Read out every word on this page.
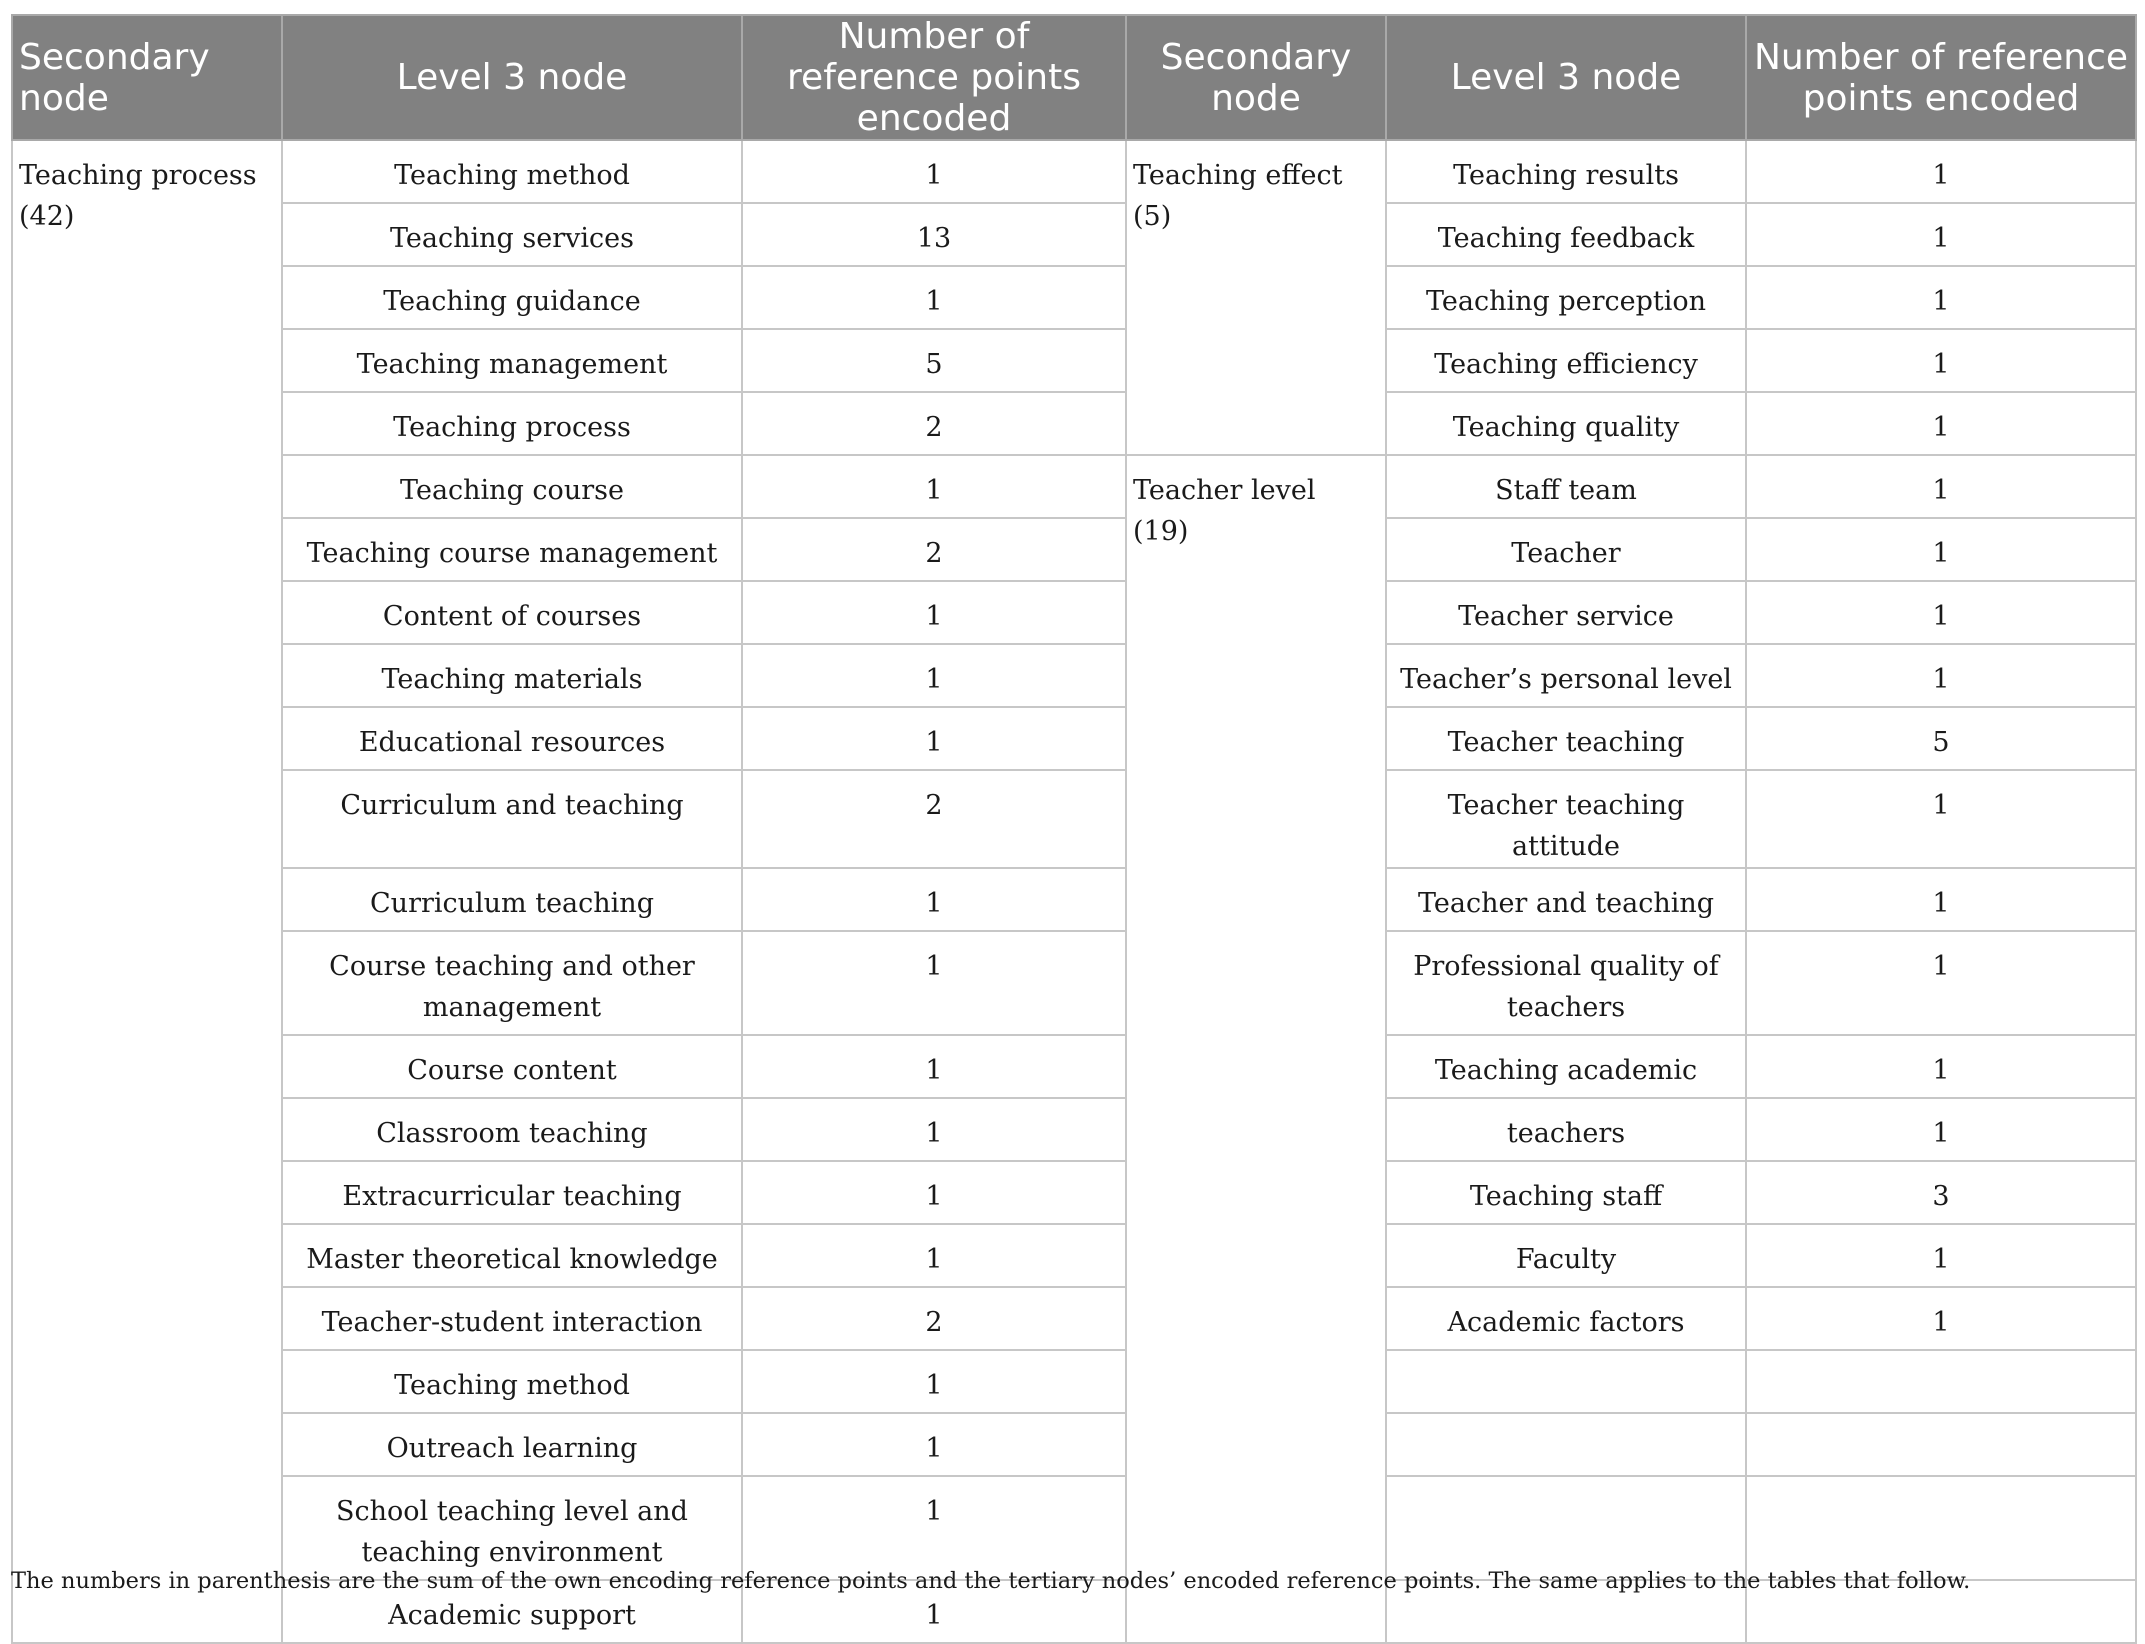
Secondary node	Level 3 node	Number of reference points encoded	Secondary node	Level 3 node	Number of reference points encoded
Teaching process (42)	Teaching method	1	Teaching effect (5)	Teaching results	1
	Teaching services	13		Teaching feedback	1
	Teaching guidance	1		Teaching perception	1
	Teaching management	5		Teaching efficiency	1
	Teaching process	2		Teaching quality	1
	Teaching course	1	Teacher level (19)	Staff team	1
	Teaching course management	2		Teacher	1
	Content of courses	1		Teacher service	1
	Teaching materials	1		Teacher’s personal level	1
	Educational resources	1		Teacher teaching	5
	Curriculum and teaching	2		Teacher teaching attitude	1
	Curriculum teaching	1		Teacher and teaching	1
	Course teaching and other management	1		Professional quality of teachers	1
	Course content	1		Teaching academic	1
	Classroom teaching	1		teachers	1
	Extracurricular teaching	1		Teaching staff	3
	Master theoretical knowledge	1		Faculty	1
	Teacher-student interaction	2		Academic factors	1
	Teaching method	1			
	Outreach learning	1			
	School teaching level and teaching environment	1			
	Academic support	1			
The numbers in parenthesis are the sum of the own encoding reference points and the tertiary nodes’ encoded reference points. The same applies to the tables that follow.
